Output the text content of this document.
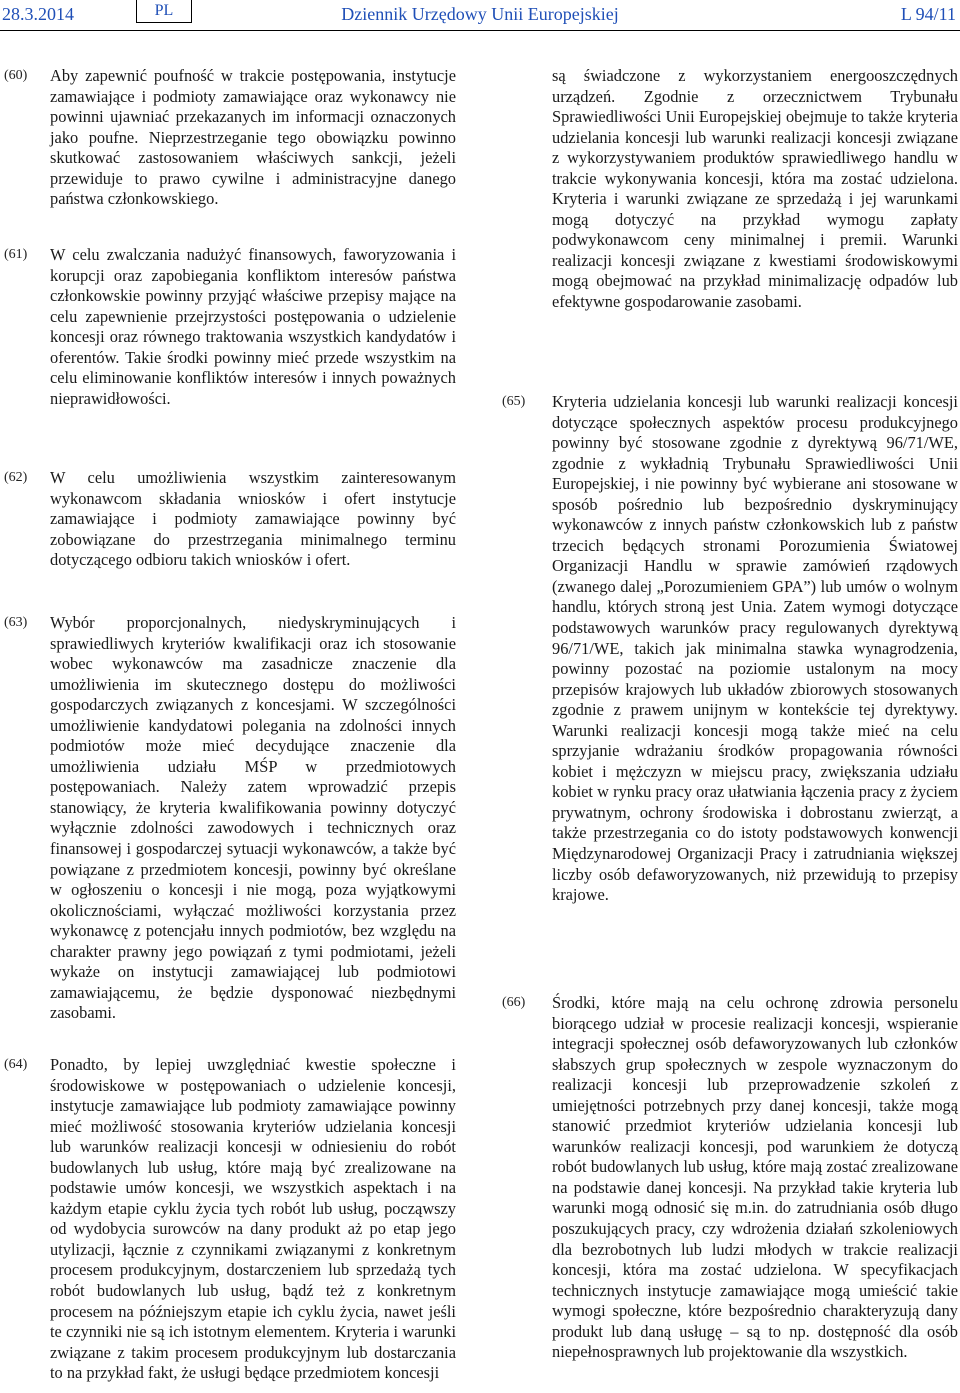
28.3.2014	PL	Dziennik Urzędowy Unii Europejskiej	L 94/11
(60)	Aby zapewnić poufność w trakcie postępowania, instytucje zamawiające i podmioty zamawiające oraz wykonawcy nie powinni ujawniać przekazanych im informacji oznaczonych jako poufne. Nieprzestrzeganie tego obowiązku powinno skutkować zastosowaniem właściwych sankcji, jeżeli przewiduje to prawo cywilne i administracyjne danego państwa członkowskiego.

(61)	W celu zwalczania nadużyć finansowych, faworyzowania i korupcji oraz zapobiegania konfliktom interesów państwa członkowskie powinny przyjąć właściwe przepisy mające na celu zapewnienie przejrzystości postępowania o udzielenie koncesji oraz równego traktowania wszystkich kandydatów i oferentów. Takie środki powinny mieć przede wszystkim na celu eliminowanie konfliktów interesów i innych poważnych nieprawidłowości.

(62)	W celu umożliwienia wszystkim zainteresowanym wykonawcom składania wniosków i ofert instytucje zamawiające i podmioty zamawiające powinny być zobowiązane do przestrzegania minimalnego terminu dotyczącego odbioru takich wniosków i ofert.

(63)	Wybór proporcjonalnych, niedyskryminujących i sprawiedliwych kryteriów kwalifikacji oraz ich stosowanie wobec wykonawców ma zasadnicze znaczenie dla umożliwienia im skutecznego dostępu do możliwości gospodarczych związanych z koncesjami. W szczególności umożliwienie kandydatowi polegania na zdolności innych podmiotów może mieć decydujące znaczenie dla umożliwienia udziału MŚP w przedmiotowych postępowaniach. Należy zatem wprowadzić przepis stanowiący, że kryteria kwalifikowania powinny dotyczyć wyłącznie zdolności zawodowych i technicznych oraz finansowej i gospodarczej sytuacji wykonawców, a także być powiązane z przedmiotem koncesji, powinny być określane w ogłoszeniu o koncesji i nie mogą, poza wyjątkowymi okolicznościami, wyłączać możliwości korzystania przez wykonawcę z potencjału innych podmiotów, bez względu na charakter prawny jego powiązań z tymi podmiotami, jeżeli wykaże on instytucji zamawiającej lub podmiotowi zamawiającemu, że będzie dysponować niezbędnymi zasobami.

(64)	Ponadto, by lepiej uwzględniać kwestie społeczne i środowiskowe w postępowaniach o udzielenie koncesji, instytucje zamawiające lub podmioty zamawiające powinny mieć możliwość stosowania kryteriów udzielania koncesji lub warunków realizacji koncesji w odniesieniu do robót budowlanych lub usług, które mają być zrealizowane na podstawie umów koncesji, we wszystkich aspektach i na każdym etapie cyklu życia tych robót lub usług, począwszy od wydobycia surowców na dany produkt aż po etap jego utylizacji, łącznie z czynnikami związanymi z konkretnym procesem produkcyjnym, dostarczeniem lub sprzedażą tych robót budowlanych lub usług, bądź też z konkretnym procesem na późniejszym etapie ich cyklu życia, nawet jeśli te czynniki nie są ich istotnym elementem. Kryteria i warunki związane z takim procesem produkcyjnym lub dostarczania to na przykład fakt, że usługi będące przedmiotem koncesji

są świadczone z wykorzystaniem energooszczędnych urządzeń. Zgodnie z orzecznictwem Trybunału Sprawiedliwości Unii Europejskiej obejmuje to także kryteria udzielania koncesji lub warunki realizacji koncesji związane z wykorzystywaniem produktów sprawiedliwego handlu w trakcie wykonywania koncesji, która ma zostać udzielona. Kryteria i warunki związane ze sprzedażą i jej warunkami mogą dotyczyć na przykład wymogu zapłaty podwykonawcom ceny minimalnej i premii. Warunki realizacji koncesji związane z kwestiami środowiskowymi mogą obejmować na przykład minimalizację odpadów lub efektywne gospodarowanie zasobami.

(65)	Kryteria udzielania koncesji lub warunki realizacji koncesji dotyczące społecznych aspektów procesu produkcyjnego powinny być stosowane zgodnie z dyrektywą 96/71/WE, zgodnie z wykładnią Trybunału Sprawiedliwości Unii Europejskiej, i nie powinny być wybierane ani stosowane w sposób pośrednio lub bezpośrednio dyskryminujący wykonawców z innych państw członkowskich lub z państw trzecich będących stronami Porozumienia Światowej Organizacji Handlu w sprawie zamówień rządowych (zwanego dalej „Porozumieniem GPA”) lub umów o wolnym handlu, których stroną jest Unia. Zatem wymogi dotyczące podstawowych warunków pracy regulowanych dyrektywą 96/71/WE, takich jak minimalna stawka wynagrodzenia, powinny pozostać na poziomie ustalonym na mocy przepisów krajowych lub układów zbiorowych stosowanych zgodnie z prawem unijnym w kontekście tej dyrektywy. Warunki realizacji koncesji mogą także mieć na celu sprzyjanie wdrażaniu środków propagowania równości kobiet i mężczyzn w miejscu pracy, zwiększania udziału kobiet w rynku pracy oraz ułatwiania łączenia pracy z życiem prywatnym, ochrony środowiska i dobrostanu zwierząt, a także przestrzegania co do istoty podstawowych konwencji Międzynarodowej Organizacji Pracy i zatrudniania większej liczby osób defaworyzowanych, niż przewidują to przepisy krajowe.

(66)	Środki, które mają na celu ochronę zdrowia personelu biorącego udział w procesie realizacji koncesji, wspieranie integracji społecznej osób defaworyzowanych lub członków słabszych grup społecznych w zespole wyznaczonym do realizacji koncesji lub przeprowadzenie szkoleń z umiejętności potrzebnych przy danej koncesji, także mogą stanowić przedmiot kryteriów udzielania koncesji lub warunków realizacji koncesji, pod warunkiem że dotyczą robót budowlanych lub usług, które mają zostać zrealizowane na podstawie danej koncesji. Na przykład takie kryteria lub warunki mogą odnosić się m.in. do zatrudniania osób długo poszukujących pracy, czy wdrożenia działań szkoleniowych dla bezrobotnych lub ludzi młodych w trakcie realizacji koncesji, która ma zostać udzielona. W specyfikacjach technicznych instytucje zamawiające mogą umieścić takie wymogi społeczne, które bezpośrednio charakteryzują dany produkt lub daną usługę – są to np. dostępność dla osób niepełnosprawnych lub projektowanie dla wszystkich.
